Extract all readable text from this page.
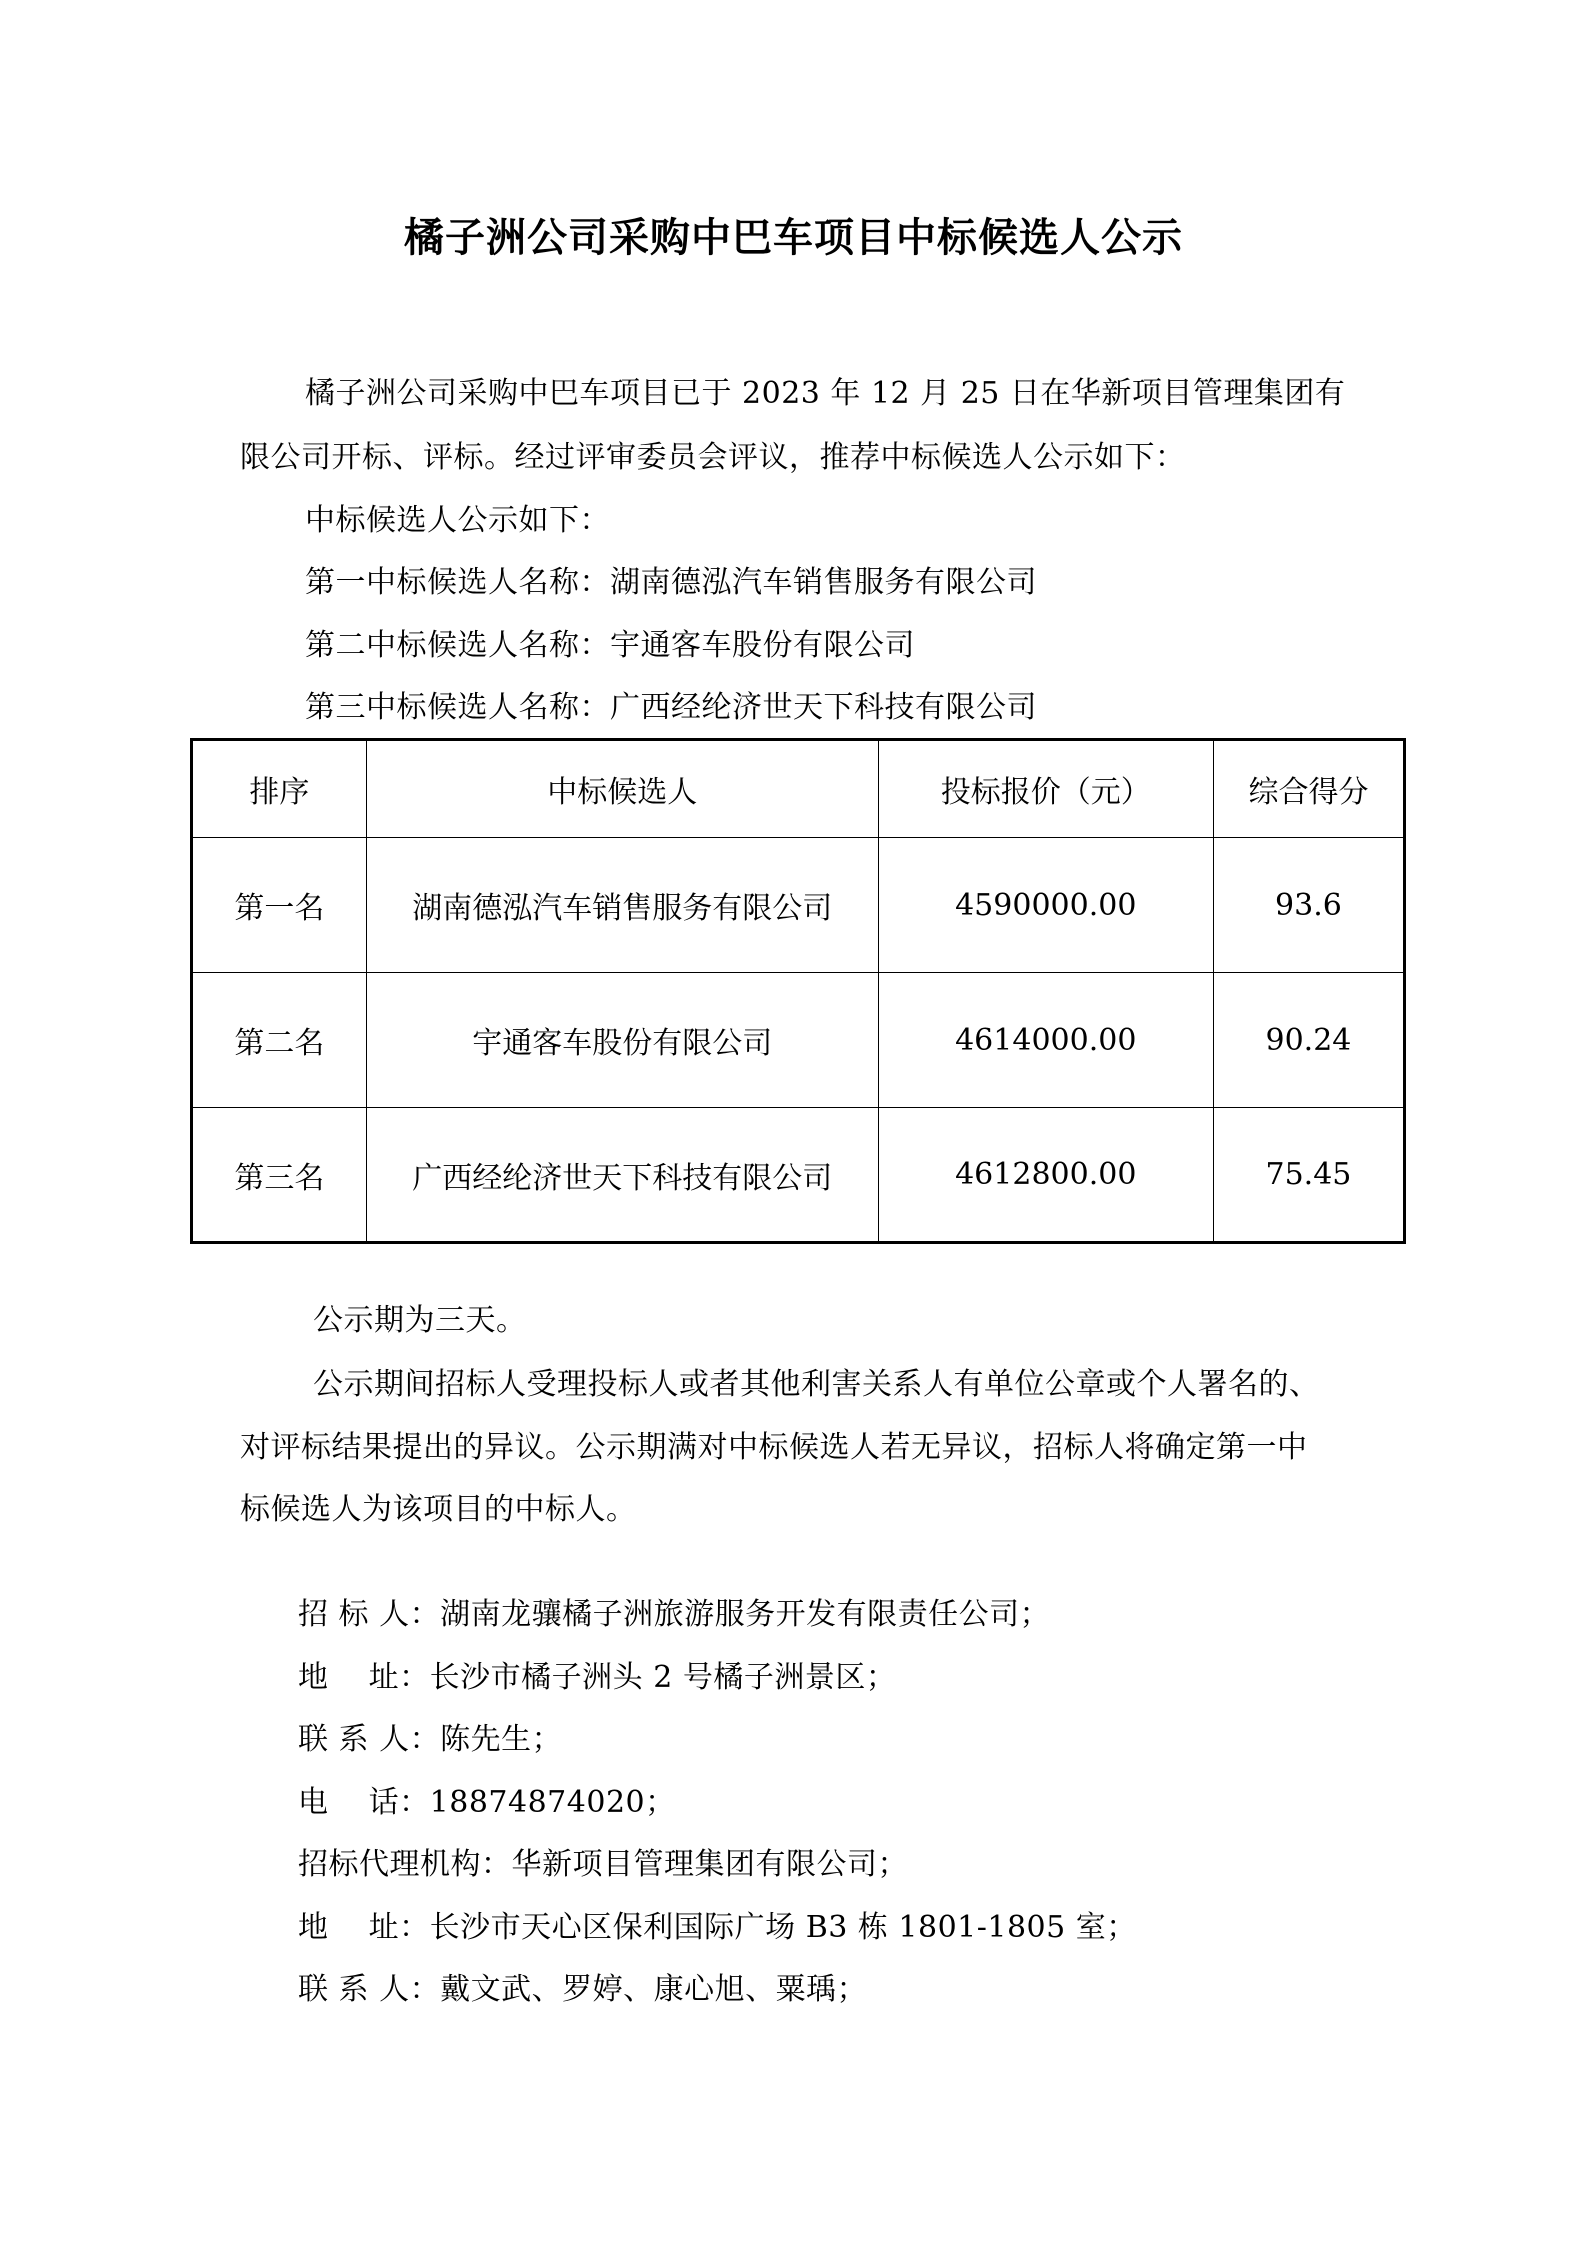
橘子洲公司采购中巴车项目中标候选人公示
橘子洲公司采购中巴车项目已于 2023 年 12 月 25 日在华新项目管理集团有
限公司开标、评标。经过评审委员会评议，推荐中标候选人公示如下：
中标候选人公示如下：
第一中标候选人名称：湖南德泓汽车销售服务有限公司
第二中标候选人名称：宇通客车股份有限公司
第三中标候选人名称：广西经纶济世天下科技有限公司
排序	中标候选人	投标报价（元）	综合得分
第一名	湖南德泓汽车销售服务有限公司	4590000.00	93.6
第二名	宇通客车股份有限公司	4614000.00	90.24
第三名	广西经纶济世天下科技有限公司	4612800.00	75.45
公示期为三天。
公示期间招标人受理投标人或者其他利害关系人有单位公章或个人署名的、
对评标结果提出的异议。公示期满对中标候选人若无异议，招标人将确定第一中
标候选人为该项目的中标人。
招 标 人：湖南龙骧橘子洲旅游服务开发有限责任公司；
地    址：长沙市橘子洲头 2 号橘子洲景区；
联 系 人：陈先生；
电    话：18874874020；
招标代理机构：华新项目管理集团有限公司；
地    址：长沙市天心区保利国际广场 B3 栋 1801-1805 室；
联 系 人：戴文武、罗婷、康心旭、粟瑀；
